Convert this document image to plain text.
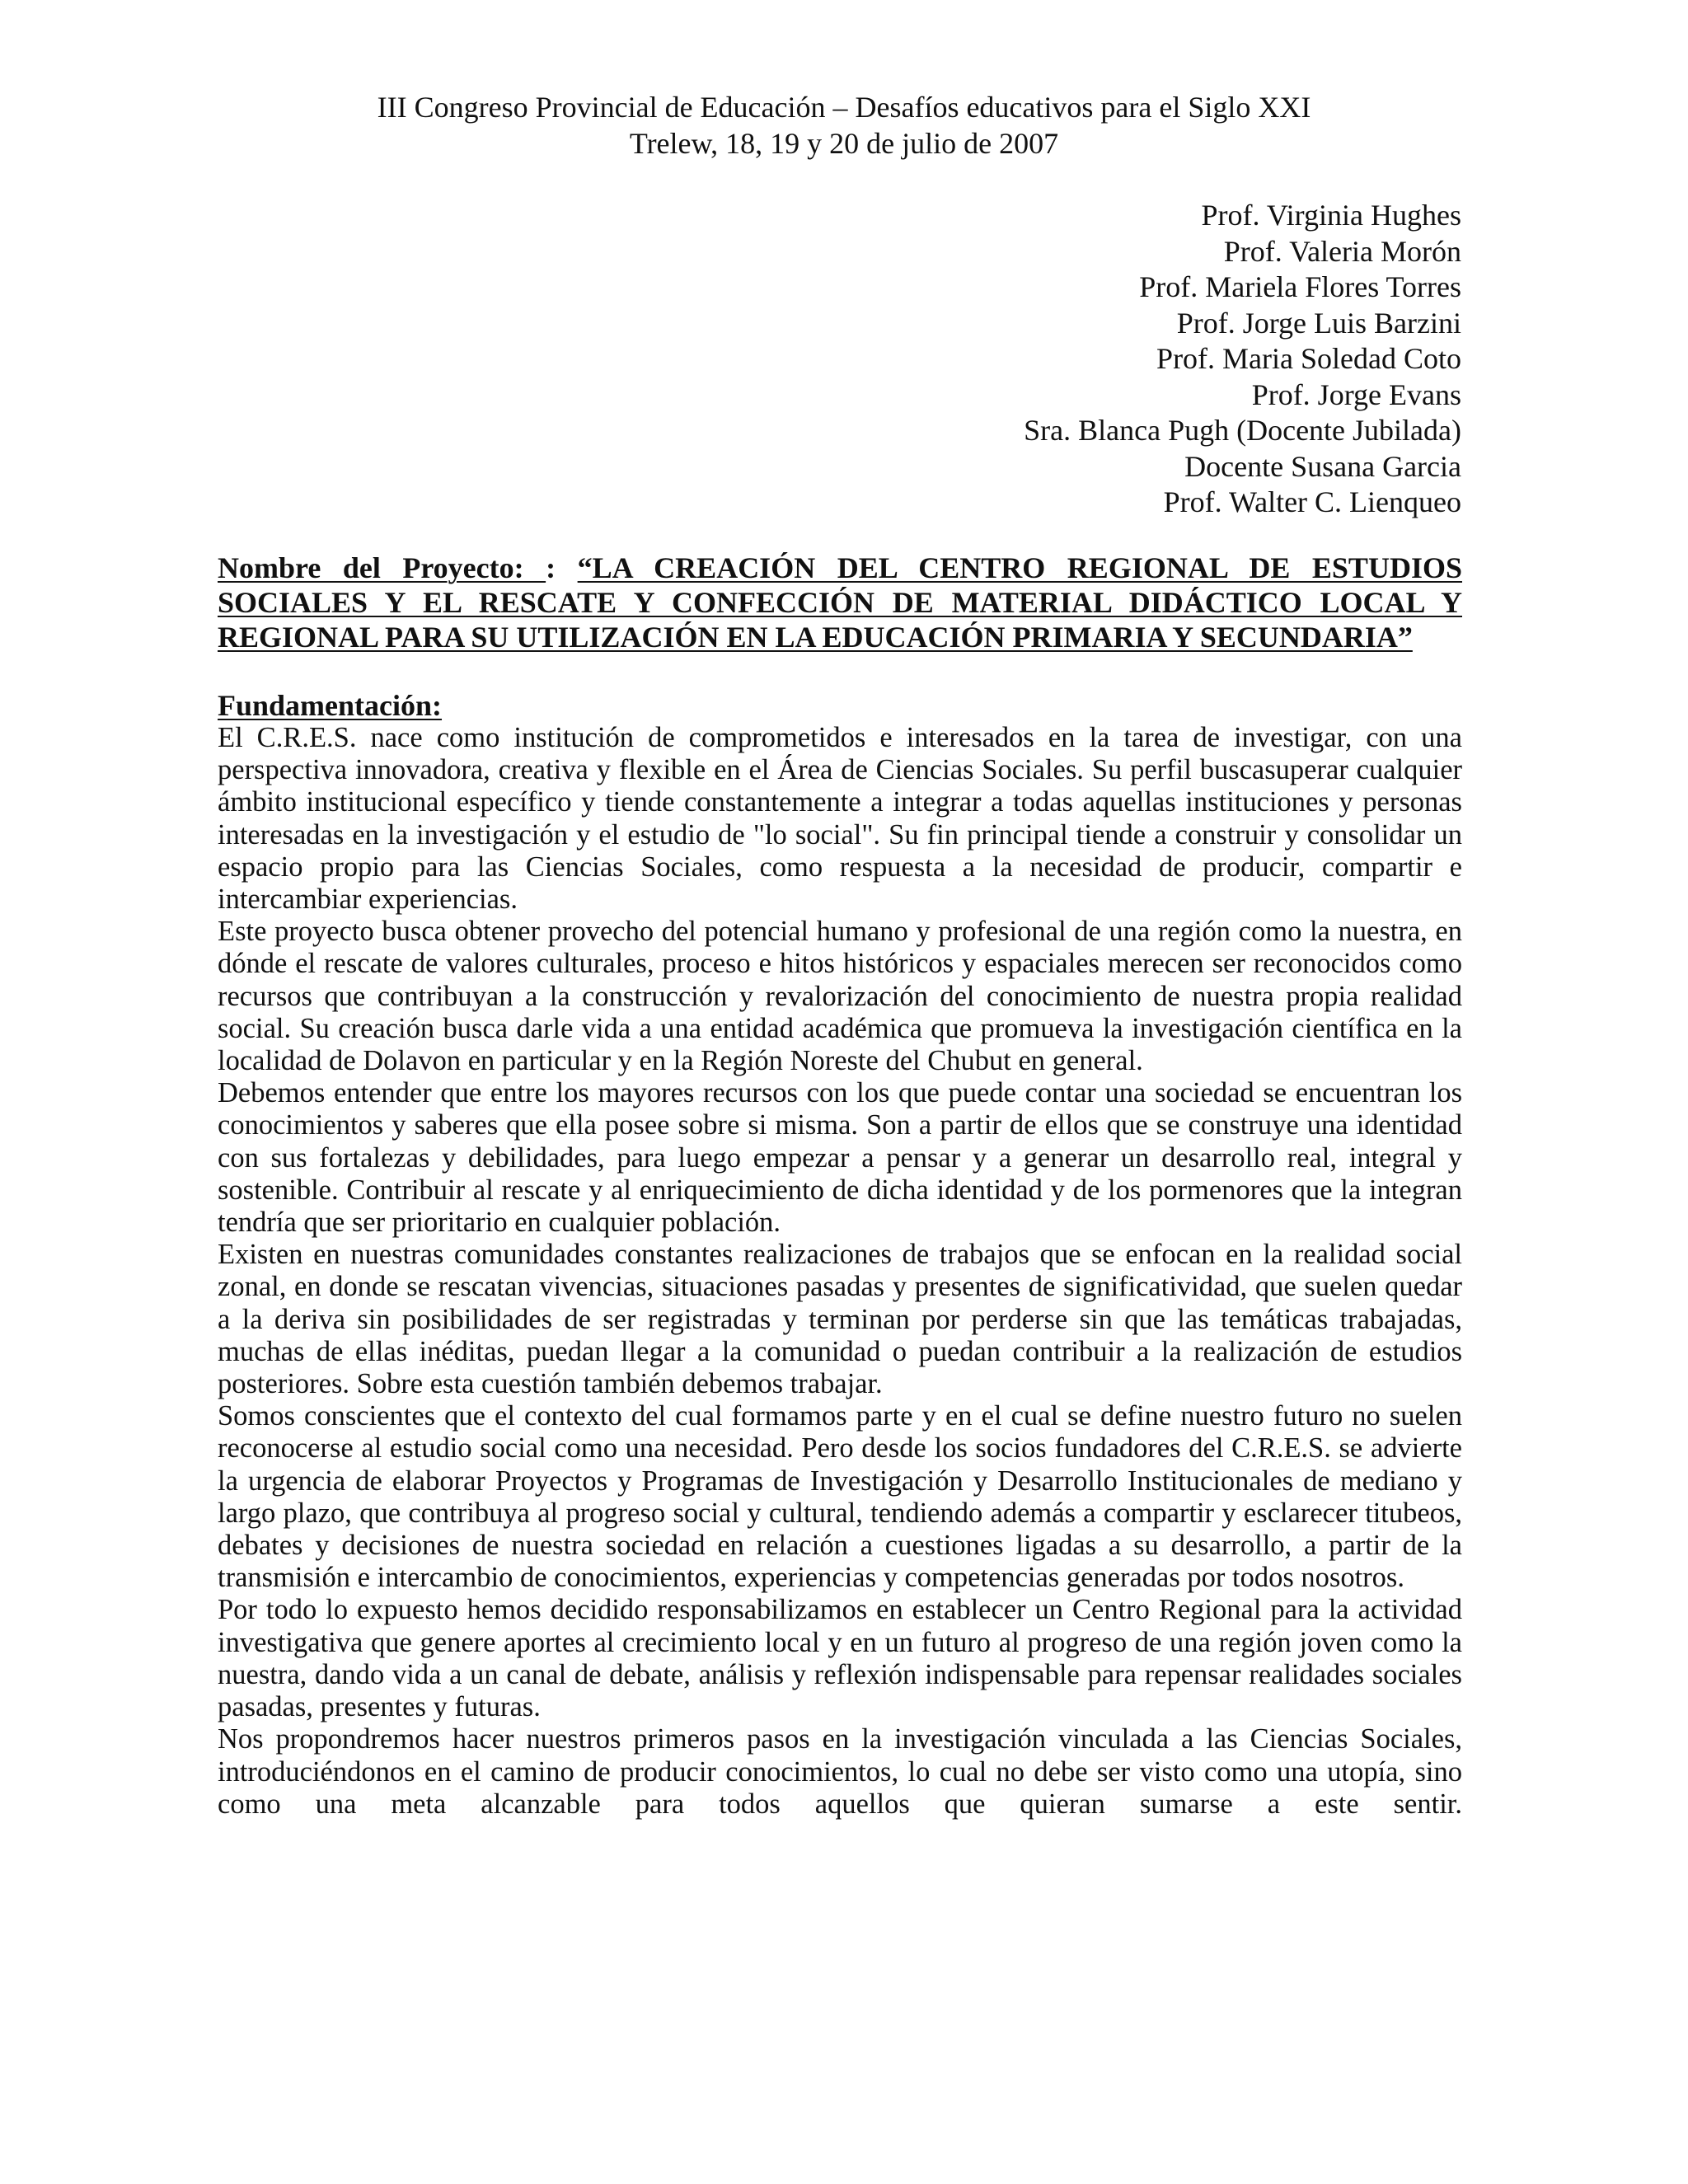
III Congreso Provincial de Educación – Desafíos educativos para el Siglo XXI
Trelew, 18, 19 y 20 de julio de 2007
Prof. Virginia Hughes
Prof. Valeria Morón
Prof. Mariela Flores Torres
Prof. Jorge Luis Barzini
Prof. Maria Soledad Coto
Prof. Jorge Evans
Sra. Blanca Pugh (Docente Jubilada)
Docente Susana Garcia
Prof. Walter C. Lienqueo

Nombre del Proyecto: : “LA CREACIÓN DEL CENTRO REGIONAL DE ESTUDIOS SOCIALES Y EL RESCATE Y CONFECCIÓN DE MATERIAL DIDÁCTICO LOCAL Y REGIONAL PARA SU UTILIZACIÓN EN LA EDUCACIÓN PRIMARIA Y SECUNDARIA”

Fundamentación:

El C.R.E.S. nace como institución de comprometidos e interesados en la tarea de investigar, con una perspectiva innovadora, creativa y flexible en el Área de Ciencias Sociales. Su perfil buscasuperar cualquier ámbito institucional específico y tiende constantemente a integrar a todas aquellas instituciones y personas interesadas en la investigación y el estudio de "lo social". Su fin principal tiende a construir y consolidar un espacio propio para las Ciencias Sociales, como respuesta a la necesidad de producir, compartir e intercambiar experiencias.

Este proyecto busca obtener provecho del potencial humano y profesional de una región como la nuestra, en dónde el rescate de valores culturales, proceso e hitos históricos y espaciales merecen ser reconocidos como recursos que contribuyan a la construcción y revalorización del conocimiento de nuestra propia realidad social. Su creación busca darle vida a una entidad académica que promueva la investigación científica en la localidad de Dolavon en particular y en la Región Noreste del Chubut en general.

Debemos entender que entre los mayores recursos con los que puede contar una sociedad se encuentran los conocimientos y saberes que ella posee sobre si misma. Son a partir de ellos que se construye una identidad con sus fortalezas y debilidades, para luego empezar a pensar y a generar un desarrollo real, integral y sostenible. Contribuir al rescate y al enriquecimiento de dicha identidad y de los pormenores que la integran tendría que ser prioritario en cualquier población.

Existen en nuestras comunidades constantes realizaciones de trabajos que se enfocan en la realidad social zonal, en donde se rescatan vivencias, situaciones pasadas y presentes de significatividad, que suelen quedar a la deriva sin posibilidades de ser registradas y terminan por perderse sin que las temáticas trabajadas, muchas de ellas inéditas, puedan llegar a la comunidad o puedan contribuir a la realización de estudios posteriores. Sobre esta cuestión también debemos trabajar.

Somos conscientes que el contexto del cual formamos parte y en el cual se define nuestro futuro no suelen reconocerse al estudio social como una necesidad. Pero desde los socios fundadores del C.R.E.S. se advierte la urgencia de elaborar Proyectos y Programas de Investigación y Desarrollo Institucionales de mediano y largo plazo, que contribuya al progreso social y cultural, tendiendo además a compartir y esclarecer titubeos, debates y decisiones de nuestra sociedad en relación a cuestiones ligadas a su desarrollo, a partir de la transmisión e intercambio de conocimientos, experiencias y competencias generadas por todos nosotros.

Por todo lo expuesto hemos decidido responsabilizamos en establecer un Centro Regional para la actividad investigativa que genere aportes al crecimiento local y en un futuro al progreso de una región joven como la nuestra, dando vida a un canal de debate, análisis y reflexión indispensable para repensar realidades sociales pasadas, presentes y futuras.

Nos propondremos hacer nuestros primeros pasos en la investigación vinculada a las Ciencias Sociales, introduciéndonos en el camino de producir conocimientos, lo cual no debe ser visto como una utopía, sino como una meta alcanzable para todos aquellos que quieran sumarse a este sentir.
